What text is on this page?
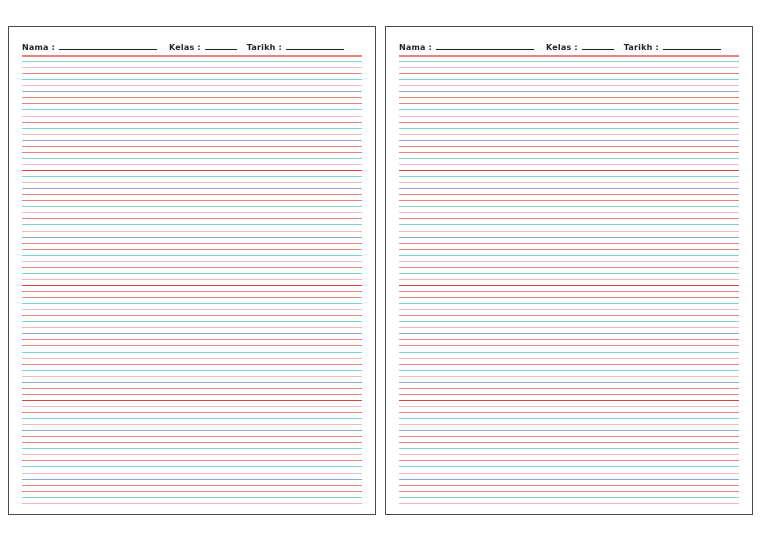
Nama :	Kelas :	Tarikh :	Nama :	Kelas :	Tarikh :
